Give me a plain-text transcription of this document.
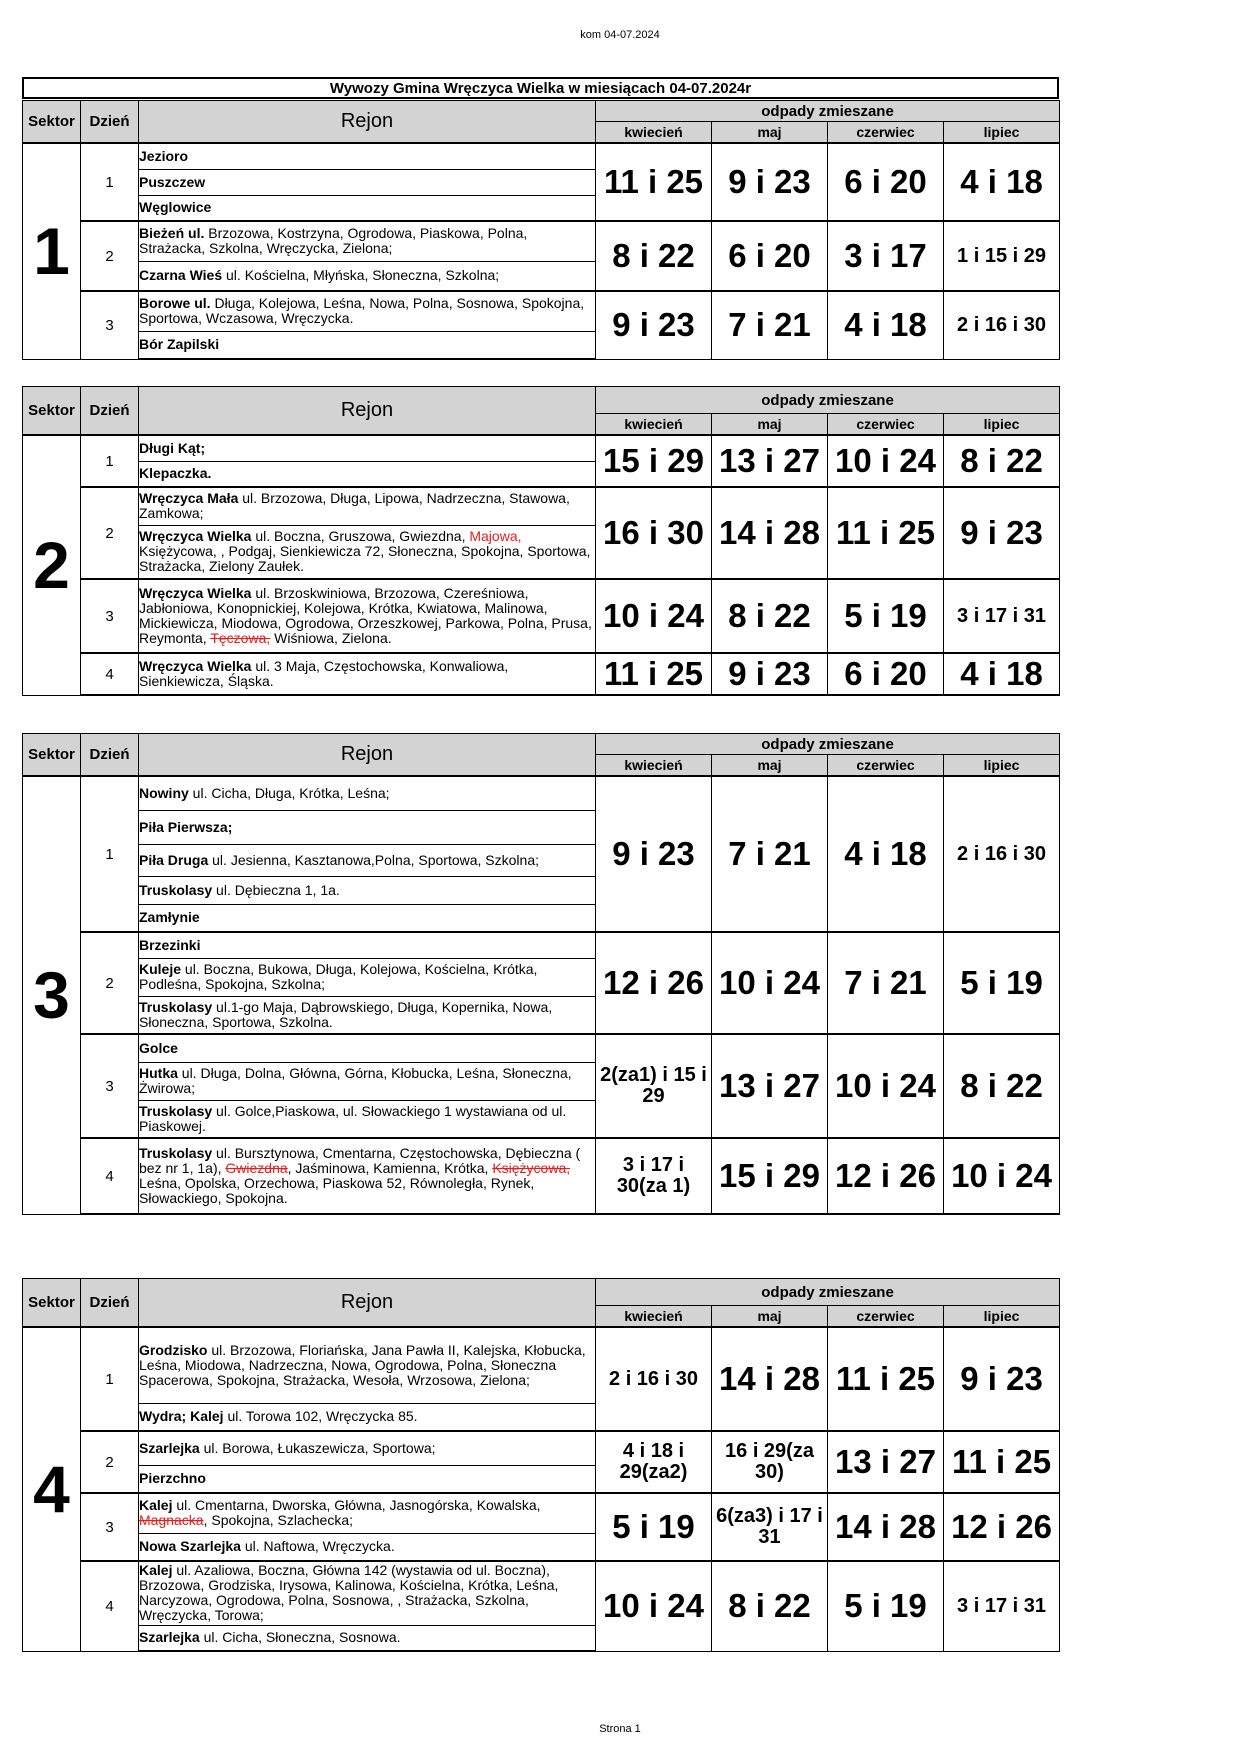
kom 04-07.2024
Wywozy Gmina Wręczyca Wielka w miesiącach 04-07.2024r
Sektor	Dzień	Rejon	odpady zmieszane			
			kwiecień	maj	czerwiec	lipiec
1	1	Jezioro	11 i 25	9 i 23	6 i 20	4 i 18
		Puszczew				
		Węglowice				
	2	Bieżeń ul. Brzozowa, Kostrzyna, Ogrodowa, Piaskowa, Polna, Strażacka, Szkolna, Wręczycka, Zielona;	8 i 22	6 i 20	3 i 17	1 i 15 i 29
		Czarna Wieś ul. Kościelna, Młyńska, Słoneczna, Szkolna;				
	3	Borowe ul. Długa, Kolejowa, Leśna, Nowa, Polna, Sosnowa, Spokojna, Sportowa, Wczasowa, Wręczycka.	9 i 23	7 i 21	4 i 18	2 i 16 i 30
		Bór Zapilski				
Sektor	Dzień	Rejon	odpady zmieszane			
			kwiecień	maj	czerwiec	lipiec
2	1	Długi Kąt;	15 i 29	13 i 27	10 i 24	8 i 22
		Klepaczka.				
	2	Wręczyca Mała ul. Brzozowa, Długa, Lipowa, Nadrzeczna, Stawowa, Zamkowa;	16 i 30	14 i 28	11 i 25	9 i 23
		Wręczyca Wielka ul. Boczna, Gruszowa, Gwiezdna, Majowa, Księżycowa, , Podgaj, Sienkiewicza 72, Słoneczna, Spokojna, Sportowa, Strażacka, Zielony Zaułek.				
	3	Wręczyca Wielka ul. Brzoskwiniowa, Brzozowa, Czereśniowa, Jabłoniowa, Konopnickiej, Kolejowa, Krótka, Kwiatowa, Malinowa, Mickiewicza, Miodowa, Ogrodowa, Orzeszkowej, Parkowa, Polna, Prusa, Reymonta, Tęczowa, Wiśniowa, Zielona.	10 i 24	8 i 22	5 i 19	3 i 17 i 31
	4	Wręczyca Wielka ul. 3 Maja, Częstochowska, Konwaliowa, Sienkiewicza, Śląska.	11 i 25	9 i 23	6 i 20	4 i 18
Sektor	Dzień	Rejon	odpady zmieszane			
			kwiecień	maj	czerwiec	lipiec
3	1	Nowiny ul. Cicha, Długa, Krótka, Leśna;	9 i 23	7 i 21	4 i 18	2 i 16 i 30
		Piła Pierwsza;				
		Piła Druga ul. Jesienna, Kasztanowa,Polna, Sportowa, Szkolna;				
		Truskolasy ul. Dębieczna 1, 1a.				
		Zamłynie				
	2	Brzezinki	12 i 26	10 i 24	7 i 21	5 i 19
		Kuleje ul. Boczna, Bukowa, Długa, Kolejowa, Kościelna, Krótka, Podleśna, Spokojna, Szkolna;				
		Truskolasy ul.1-go Maja, Dąbrowskiego, Długa, Kopernika, Nowa, Słoneczna, Sportowa, Szkolna.				
	3	Golce	2(za1) i 15 i 29	13 i 27	10 i 24	8 i 22
		Hutka ul. Długa, Dolna, Główna, Górna, Kłobucka, Leśna, Słoneczna, Żwirowa;				
		Truskolasy ul. Golce,Piaskowa, ul. Słowackiego 1 wystawiana od ul. Piaskowej.				
	4	Truskolasy ul. Bursztynowa, Cmentarna, Częstochowska, Dębieczna ( bez nr 1, 1a), Gwiezdna, Jaśminowa, Kamienna, Krótka, Księżycowa, Leśna, Opolska, Orzechowa, Piaskowa 52, Równoległa, Rynek, Słowackiego, Spokojna.	3 i 17 i 30(za 1)	15 i 29	12 i 26	10 i 24
Sektor	Dzień	Rejon	odpady zmieszane			
			kwiecień	maj	czerwiec	lipiec
4	1	Grodzisko ul. Brzozowa, Floriańska, Jana Pawła II, Kalejska, Kłobucka, Leśna, Miodowa, Nadrzeczna, Nowa, Ogrodowa, Polna, Słoneczna Spacerowa, Spokojna, Strażacka, Wesoła, Wrzosowa, Zielona;	2 i 16 i 30	14 i 28	11 i 25	9 i 23
		Wydra; Kalej ul. Torowa 102, Wręczycka 85.				
	2	Szarlejka ul. Borowa, Łukaszewicza, Sportowa;	4 i 18 i 29(za2)	16 i 29(za 30)	13 i 27	11 i 25
		Pierzchno				
	3	Kalej ul. Cmentarna, Dworska, Główna, Jasnogórska, Kowalska, Magnacka, Spokojna, Szlachecka;	5 i 19	6(za3) i 17 i 31	14 i 28	12 i 26
		Nowa Szarlejka ul. Naftowa, Wręczycka.				
	4	Kalej ul. Azaliowa, Boczna, Główna 142 (wystawia od ul. Boczna), Brzozowa, Grodziska, Irysowa, Kalinowa, Kościelna, Krótka, Leśna, Narcyzowa, Ogrodowa, Polna, Sosnowa, , Strażacka, Szkolna, Wręczycka, Torowa;	10 i 24	8 i 22	5 i 19	3 i 17 i 31
		Szarlejka ul. Cicha, Słoneczna, Sosnowa.				
Strona 1
